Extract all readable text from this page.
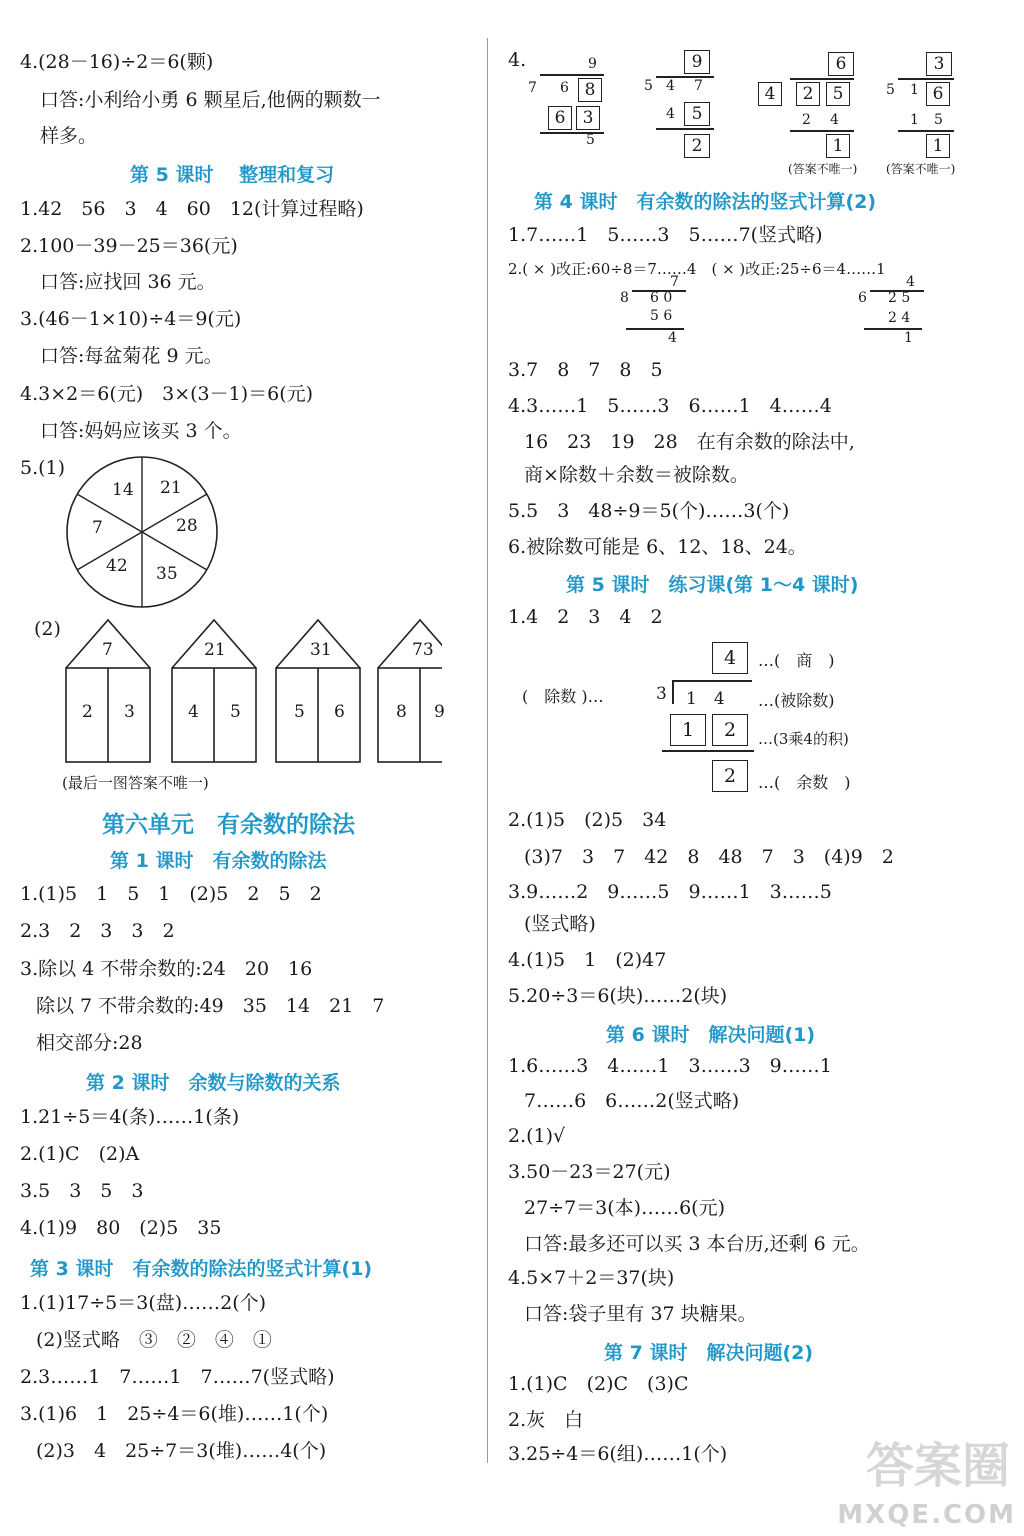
4.(28－16)÷2＝6(颗)
口答:小利给小勇 6 颗星后,他俩的颗数一
样多。
第 5 课时　 整理和复习
1.42　56　3　4　60　12(计算过程略)
2.100－39－25＝36(元)
口答:应找回 36 元。
3.(46－1×10)÷4＝9(元)
口答:每盆菊花 9 元。
4.3×2＝6(元)　3×(3－1)＝6(元)
口答:妈妈应该买 3 个。
5.(1)
14 21
28
35
42
7
(2)
7
2 3
21
4 5
31
5 6
73
8 9
(最后一图答案不唯一)
第六单元　有余数的除法
第 1 课时　有余数的除法
1.(1)5　1　5　1　(2)5　2　5　2
2.3　2　3　3　2
3.除以 4 不带余数的:24　20　16
除以 7 不带余数的:49　35　14　21　7
相交部分:28
第 2 课时　余数与除数的关系
1.21÷5＝4(条)……1(条)
2.(1)C　(2)A
3.5　3　5　3
4.(1)9　80　(2)5　35
第 3 课时　有余数的除法的竖式计算(1)
1.(1)17÷5＝3(盘)……2(个)
(2)竖式略　③　②　④　①
2.3……1　7……1　7……7(竖式略)
3.(1)6　1　25÷4＝6(堆)……1(个)
(2)3　4　25÷7＝3(堆)……4(个)
4.	9
7 6 8
6	3
5
9
5 4 7
4 5
2
6
4	2	5
2 4
1
3
5 1 6
1 5
1
(答案不唯一) (答案不唯一)
第 4 课时　有余数的除法的竖式计算(2)
1.7……1　5……3　5……7(竖式略)
2.( × )改正:60÷8＝7……4　( × )改正:25÷6＝4……1
7
8 6 0
5 6
4
4
6 2 5
2 4
1
3.7　8　7　8　5
4.3……1　5……3　6……1　4……4
16　23　19　28　在有余数的除法中,
商×除数＋余数＝被除数。
5.5　3　48÷9＝5(个)……3(个)
6.被除数可能是 6、12、18、24。
第 5 课时　练习课(第 1～4 课时)
1.4　2　3　4　2
4	…(　商　)
(　除数 )…	3 1　4 …(被除数)
1	2	…(3乘4的积)
2	…(　余数　)
2.(1)5　(2)5　34
(3)7　3　7　42　8　48　7　3　(4)9　2
3.9……2　9……5　9……1　3……5
(竖式略)
4.(1)5　1　(2)47
5.20÷3＝6(块)……2(块)
第 6 课时　解决问题(1)
1.6……3　4……1　3……3　9……1
7……6　6……2(竖式略)
2.(1)√
3.50－23＝27(元)
27÷7＝3(本)……6(元)
口答:最多还可以买 3 本台历,还剩 6 元。
4.5×7＋2＝37(块)
口答:袋子里有 37 块糖果。
第 7 课时　解决问题(2)
1.(1)C　(2)C　(3)C
2.灰　白
3.25÷4＝6(组)……1(个)	答案圈
MXQE.COM
